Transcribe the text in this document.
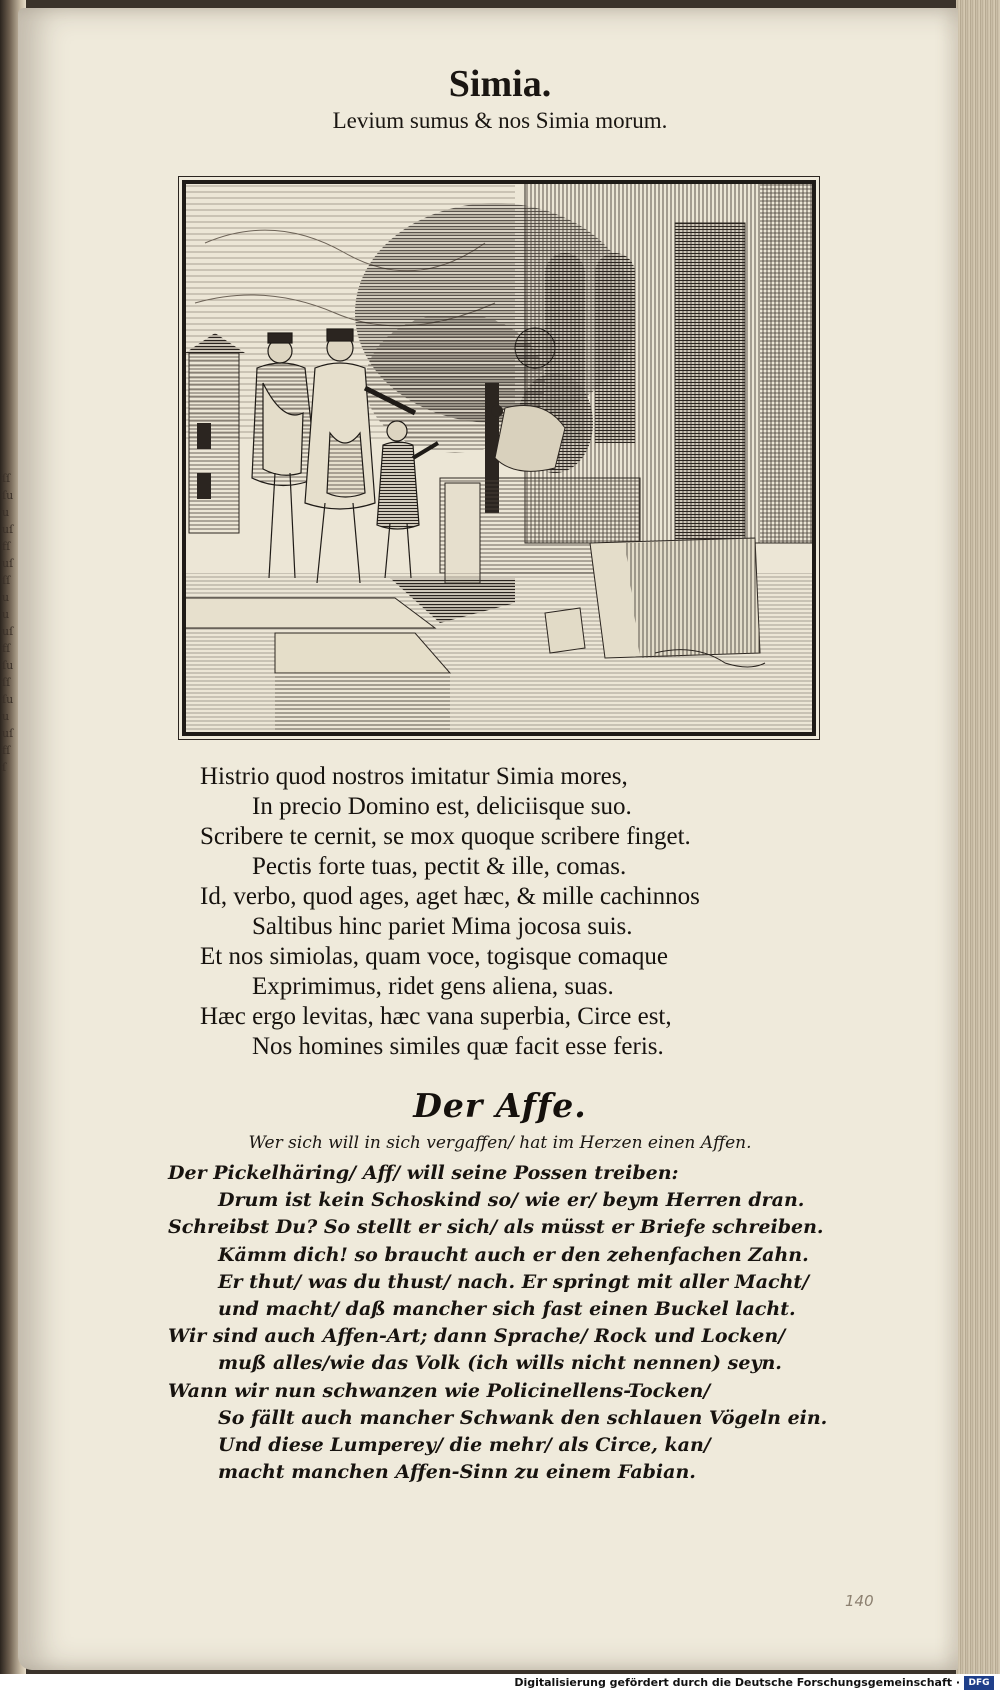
ſſſuuuſfſuſſſuuuſfſſuſſſuuuſfſſ
Simia.
Levium sumus & nos Simia morum.
Histrio quod nostros imitatur Simia mores,
In precio Domino est, deliciisque suo.
Scribere te cernit, se mox quoque scribere finget.
Pectis forte tuas, pectit & ille, comas.
Id, verbo, quod ages, aget hæc, & mille cachinnos
Saltibus hinc pariet Mima jocosa suis.
Et nos simiolas, quam voce, togisque comaque
Exprimimus, ridet gens aliena, suas.
Hæc ergo levitas, hæc vana superbia, Circe est,
Nos homines similes quæ facit esse feris.
Der Affe.
Wer sich will in sich vergaffen/ hat im Herzen einen Affen.
Der Pickelhäring/ Aff/ will seine Possen treiben:
Drum ist kein Schoskind so/ wie er/ beym Herren dran.
Schreibst Du? So stellt er sich/ als müsst er Briefe schreiben.
Kämm dich! so braucht auch er den zehenfachen Zahn.
Er thut/ was du thust/ nach. Er springt mit aller Macht/
und macht/ daß mancher sich fast einen Buckel lacht.
Wir sind auch Affen-Art; dann Sprache/ Rock und Locken/
muß alles/wie das Volk (ich wills nicht nennen) seyn.
Wann wir nun schwanzen wie Policinellens-Tocken/
So fällt auch mancher Schwank den schlauen Vögeln ein.
Und diese Lumperey/ die mehr/ als Circe, kan/
macht manchen Affen-Sinn zu einem Fabian.
140
Digitalisierung gefördert durch die Deutsche Forschungsgemeinschaft · DFG
